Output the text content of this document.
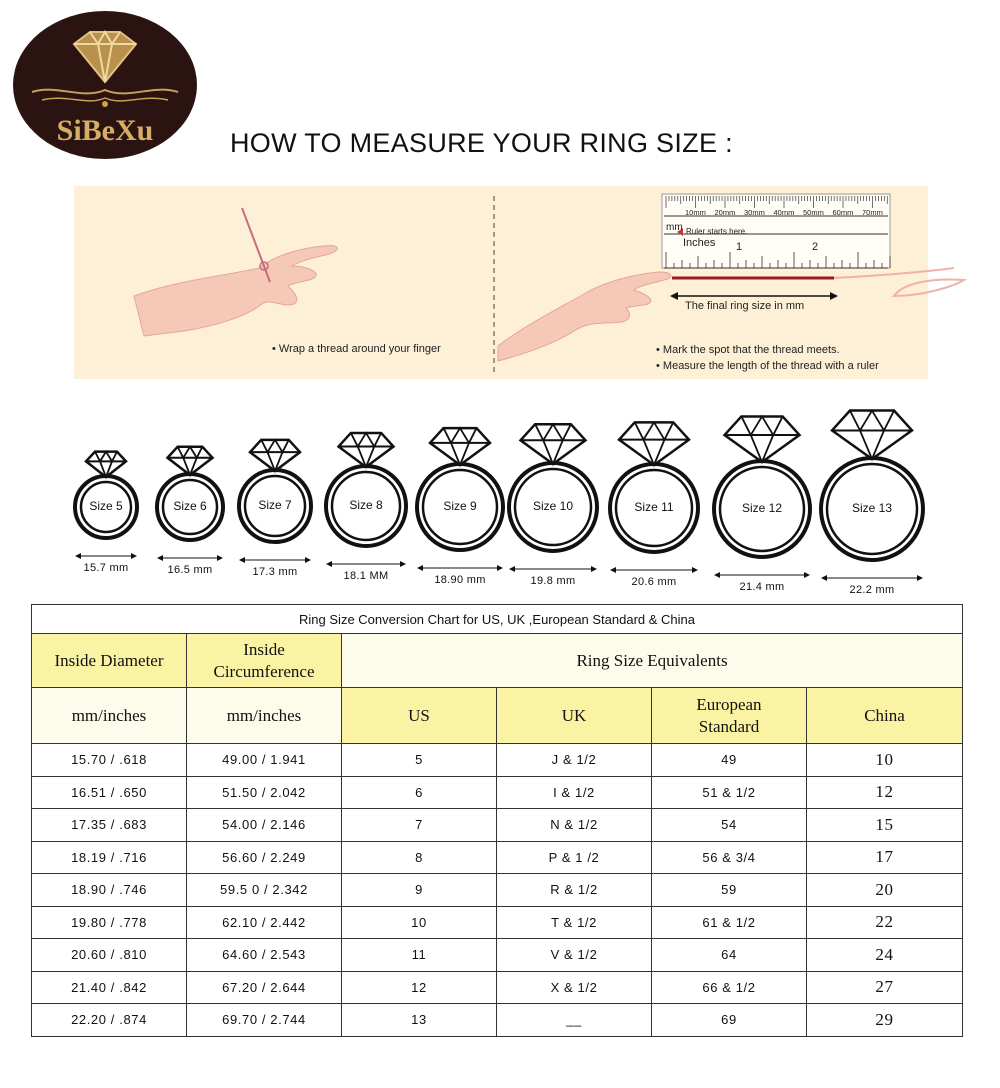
SiBeXu	HOW TO MEASURE YOUR RING SIZE :
10mm 20mm 30mm 40mm 50mm 60mm 70mm
mm Ruler starts here.
Inches 1	2
The final ring size in mm
• Wrap a thread around your finger	• Mark the spot that the thread meets.
• Measure the length of the thread with a ruler
Size 5
15.7 mm
Size 6
16.5 mm
Size 7
17.3 mm
Size 8
18.1 MM
Size 9
18.90 mm
Size 10
19.8 mm
Size 11
20.6 mm
Size 12
21.4 mm
Size 13
22.2 mm
Ring Size Conversion Chart for US, UK ,European Standard & China					
Inside Diameter	Inside Circumference	Ring Size Equivalents			
mm/inches	mm/inches	US	UK	European Standard	China
15.70 / .618	49.00 / 1.941	5	J & 1/2	49	10
16.51 / .650	51.50 / 2.042	6	I & 1/2	51 & 1/2	12
17.35 / .683	54.00 / 2.146	7	N & 1/2	54	15
18.19 / .716	56.60 / 2.249	8	P & 1 /2	56 & 3/4	17
18.90 / .746	59.5 0 / 2.342	9	R & 1/2	59	20
19.80 / .778	62.10 / 2.442	10	T & 1/2	61 & 1/2	22
20.60 / .810	64.60 / 2.543	11	V & 1/2	64	24
21.40 / .842	67.20 / 2.644	12	X & 1/2	66 & 1/2	27
22.20 / .874	69.70 / 2.744	13	__	69	29
